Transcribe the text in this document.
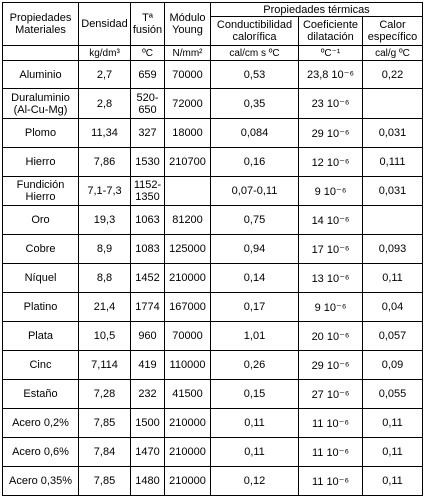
Propiedades Materiales	Densidad	Tª fusión	Módulo Young	Propiedades térmicas		
				Conductibilidad calorífica	Coeficiente dilatación	Calor específico
	kg/dm³	ºC	N/mm²	cal/cm s ºC	ºC⁻¹	cal/g ºC
Aluminio	2,7	659	70000	0,53	23,8 10⁻⁶	0,22
Duraluminio (Al-Cu-Mg)	2,8	520-650	72000	0,35	23 10⁻⁶	
Plomo	11,34	327	18000	0,084	29 10⁻⁶	0,031
Hierro	7,86	1530	210700	0,16	12 10⁻⁶	0,111
Fundición Hierro	7,1-7,3	1152-1350		0,07-0,11	9 10⁻⁶	0,031
Oro	19,3	1063	81200	0,75	14 10⁻⁶	
Cobre	8,9	1083	125000	0,94	17 10⁻⁶	0,093
Níquel	8,8	1452	210000	0,14	13 10⁻⁶	0,11
Platino	21,4	1774	167000	0,17	9 10⁻⁶	0,04
Plata	10,5	960	70000	1,01	20 10⁻⁶	0,057
Cinc	7,114	419	110000	0,26	29 10⁻⁶	0,09
Estaño	7,28	232	41500	0,15	27 10⁻⁶	0,055
Acero 0,2%	7,85	1500	210000	0,11	11 10⁻⁶	0,11
Acero 0,6%	7,84	1470	210000	0,11	11 10⁻⁶	0,11
Acero 0,35%	7,85	1480	210000	0,12	11 10⁻⁶	0,11
